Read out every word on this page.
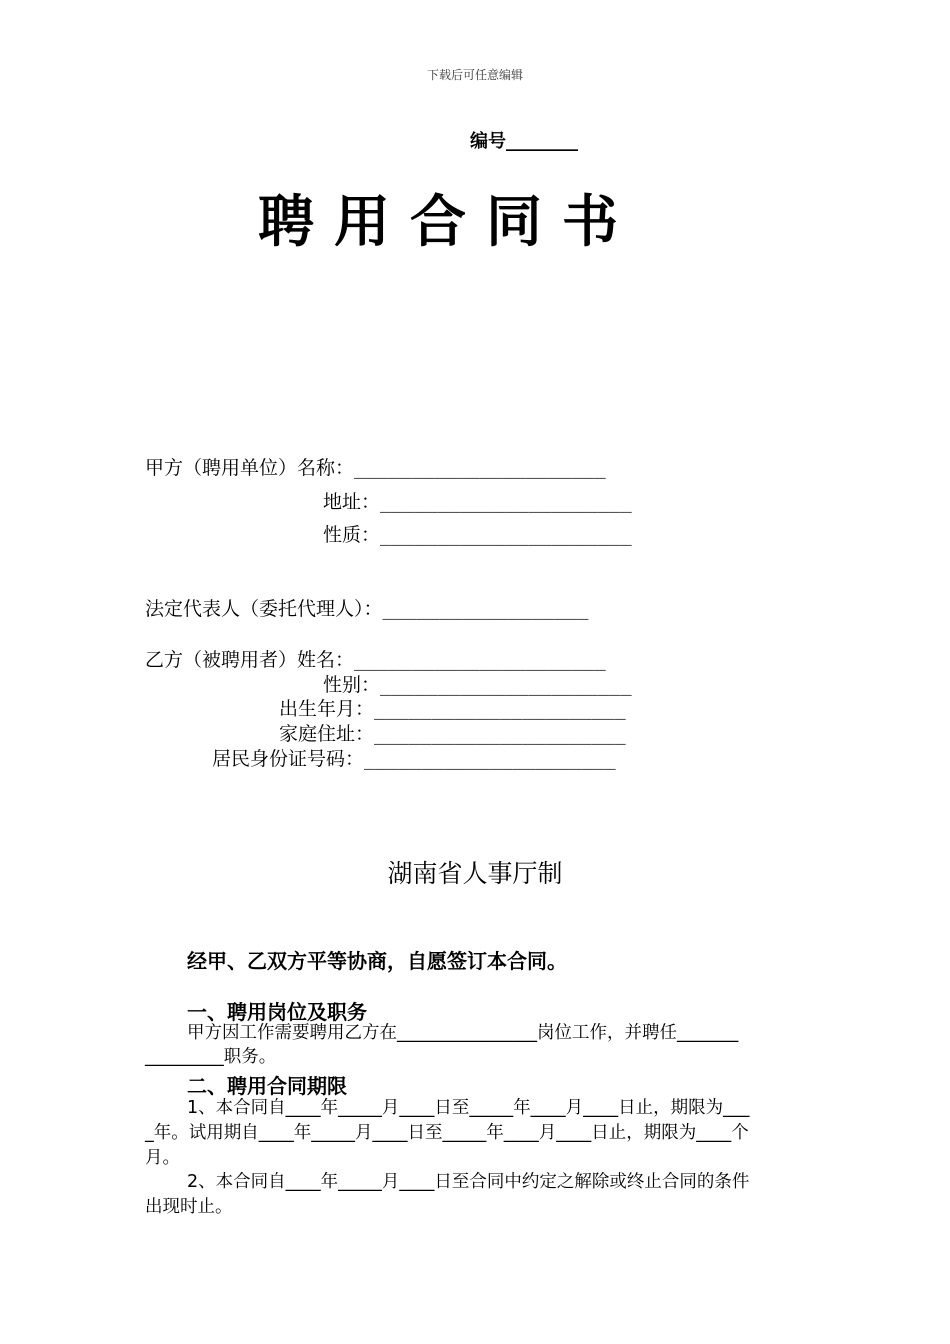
下载后可任意编辑
编号________
聘用合同书
甲方（聘用单位）名称：______________________
地址：______________________
性质：______________________
法定代表人（委托代理人）：__________________
乙方（被聘用者）姓名：______________________
性别：______________________
出生年月：______________________
家庭住址：______________________
居民身份证号码：______________________
湖南省人事厅制
经甲、乙双方平等协商，自愿签订本合同。
一、聘用岗位及职务
甲方因工作需要聘用乙方在________________岗位工作，并聘任_______
_________职务。
二、聘用合同期限
1、本合同自____年_____月____日至_____年____月____日止，期限为___
_年。试用期自____年_____月____日至_____年____月____日止，期限为____个
月。
2、本合同自____年_____月____日至合同中约定之解除或终止合同的条件
出现时止。
